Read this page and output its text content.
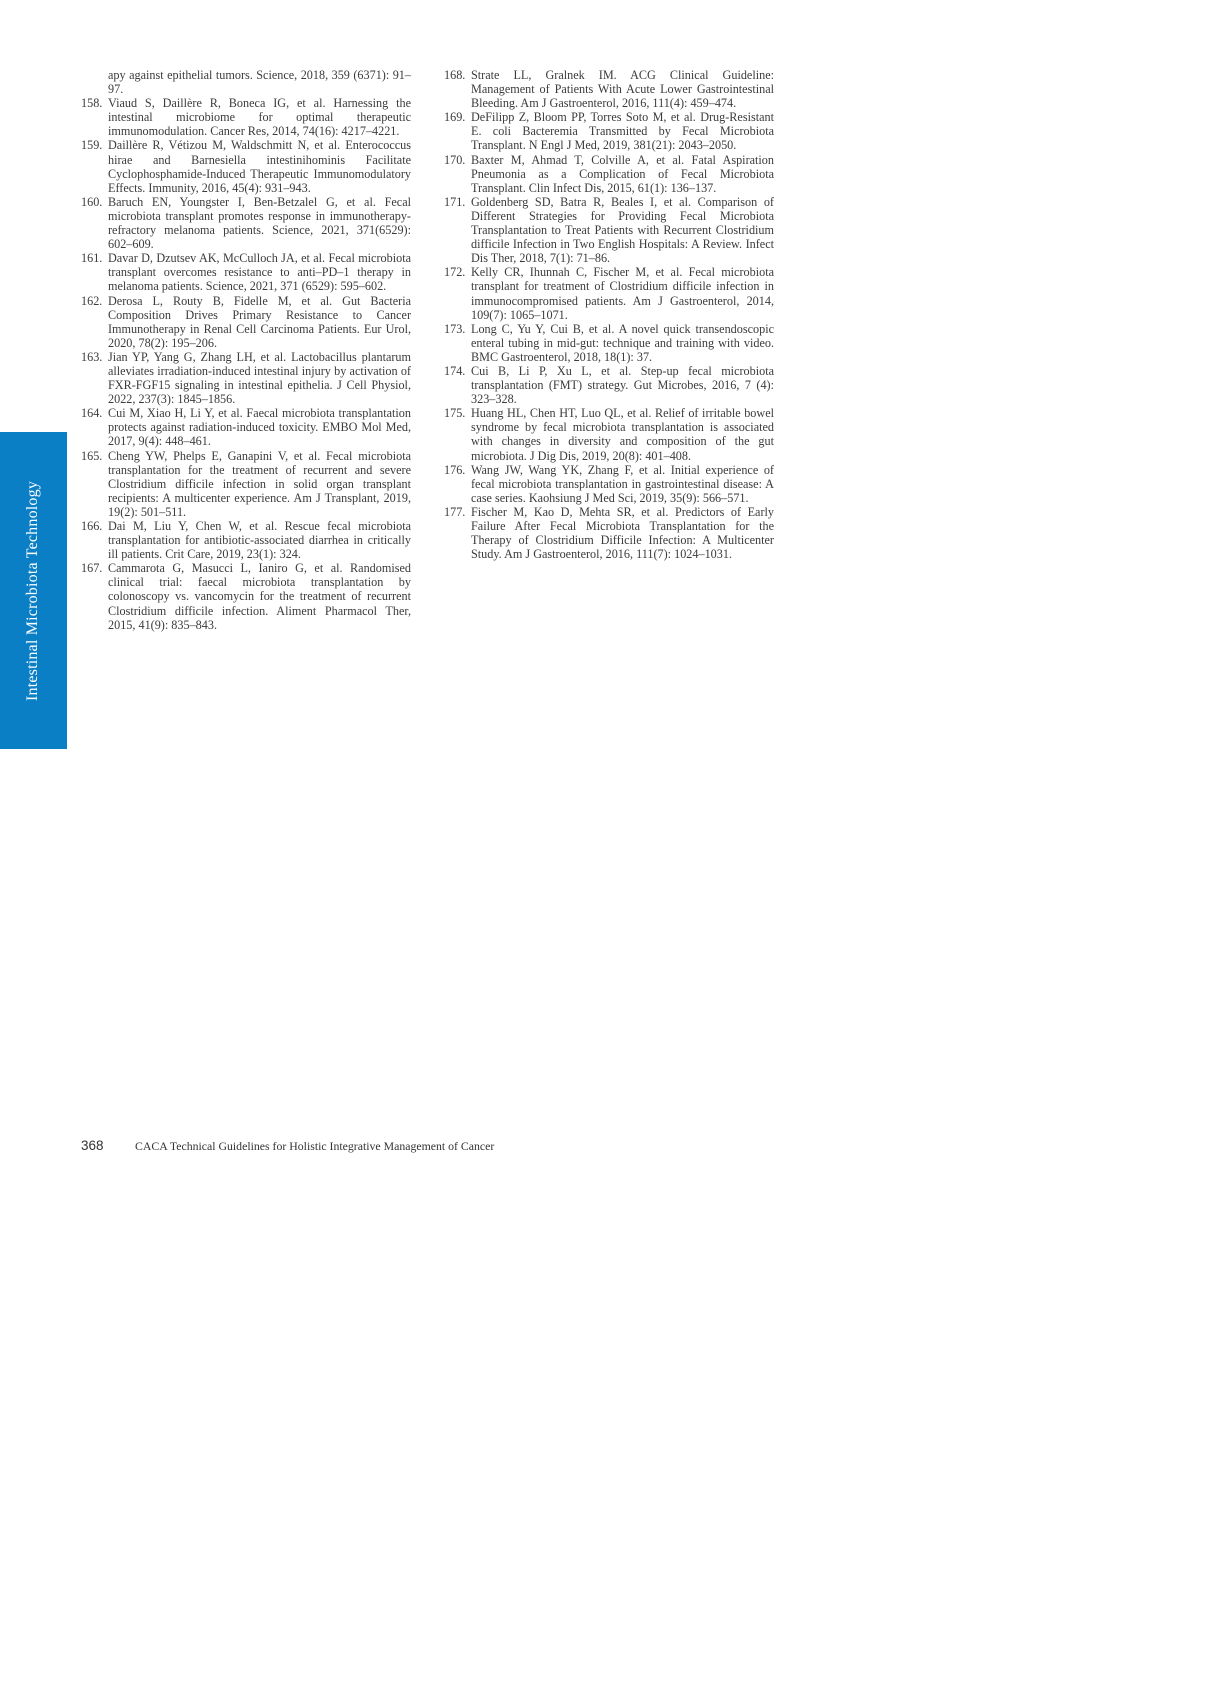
Intestinal Microbiota Technology

apy against epithelial tumors. Science, 2018, 359 (6371): 91–97.

158. Viaud S, Daillère R, Boneca IG, et al. Harnessing the intestinal microbiome for optimal therapeutic immunomodulation. Cancer Res, 2014, 74(16): 4217–4221.

159. Daillère R, Vétizou M, Waldschmitt N, et al. Enterococcus hirae and Barnesiella intestinihominis Facilitate Cyclophosphamide-Induced Therapeutic Immunomodulatory Effects. Immunity, 2016, 45(4): 931–943.

160. Baruch EN, Youngster I, Ben-Betzalel G, et al. Fecal microbiota transplant promotes response in immunotherapy-refractory melanoma patients. Science, 2021, 371(6529): 602–609.

161. Davar D, Dzutsev AK, McCulloch JA, et al. Fecal microbiota transplant overcomes resistance to anti–PD–1 therapy in melanoma patients. Science, 2021, 371 (6529): 595–602.

162. Derosa L, Routy B, Fidelle M, et al. Gut Bacteria Composition Drives Primary Resistance to Cancer Immunotherapy in Renal Cell Carcinoma Patients. Eur Urol, 2020, 78(2): 195–206.

163. Jian YP, Yang G, Zhang LH, et al. Lactobacillus plantarum alleviates irradiation-induced intestinal injury by activation of FXR-FGF15 signaling in intestinal epithelia. J Cell Physiol, 2022, 237(3): 1845–1856.

164. Cui M, Xiao H, Li Y, et al. Faecal microbiota transplantation protects against radiation-induced toxicity. EMBO Mol Med, 2017, 9(4): 448–461.

165. Cheng YW, Phelps E, Ganapini V, et al. Fecal microbiota transplantation for the treatment of recurrent and severe Clostridium difficile infection in solid organ transplant recipients: A multicenter experience. Am J Transplant, 2019, 19(2): 501–511.

166. Dai M, Liu Y, Chen W, et al. Rescue fecal microbiota transplantation for antibiotic-associated diarrhea in critically ill patients. Crit Care, 2019, 23(1): 324.

167. Cammarota G, Masucci L, Ianiro G, et al. Randomised clinical trial: faecal microbiota transplantation by colonoscopy vs. vancomycin for the treatment of recurrent Clostridium difficile infection. Aliment Pharmacol Ther, 2015, 41(9): 835–843.

168. Strate LL, Gralnek IM. ACG Clinical Guideline: Management of Patients With Acute Lower Gastrointestinal Bleeding. Am J Gastroenterol, 2016, 111(4): 459–474.

169. DeFilipp Z, Bloom PP, Torres Soto M, et al. Drug-Resistant E. coli Bacteremia Transmitted by Fecal Microbiota Transplant. N Engl J Med, 2019, 381(21): 2043–2050.

170. Baxter M, Ahmad T, Colville A, et al. Fatal Aspiration Pneumonia as a Complication of Fecal Microbiota Transplant. Clin Infect Dis, 2015, 61(1): 136–137.

171. Goldenberg SD, Batra R, Beales I, et al. Comparison of Different Strategies for Providing Fecal Microbiota Transplantation to Treat Patients with Recurrent Clostridium difficile Infection in Two English Hospitals: A Review. Infect Dis Ther, 2018, 7(1): 71–86.

172. Kelly CR, Ihunnah C, Fischer M, et al. Fecal microbiota transplant for treatment of Clostridium difficile infection in immunocompromised patients. Am J Gastroenterol, 2014, 109(7): 1065–1071.

173. Long C, Yu Y, Cui B, et al. A novel quick transendoscopic enteral tubing in mid-gut: technique and training with video. BMC Gastroenterol, 2018, 18(1): 37.

174. Cui B, Li P, Xu L, et al. Step-up fecal microbiota transplantation (FMT) strategy. Gut Microbes, 2016, 7 (4): 323–328.

175. Huang HL, Chen HT, Luo QL, et al. Relief of irritable bowel syndrome by fecal microbiota transplantation is associated with changes in diversity and composition of the gut microbiota. J Dig Dis, 2019, 20(8): 401–408.

176. Wang JW, Wang YK, Zhang F, et al. Initial experience of fecal microbiota transplantation in gastrointestinal disease: A case series. Kaohsiung J Med Sci, 2019, 35(9): 566–571.

177. Fischer M, Kao D, Mehta SR, et al. Predictors of Early Failure After Fecal Microbiota Transplantation for the Therapy of Clostridium Difficile Infection: A Multicenter Study. Am J Gastroenterol, 2016, 111(7): 1024–1031.

368	CACA Technical Guidelines for Holistic Integrative Management of Cancer
